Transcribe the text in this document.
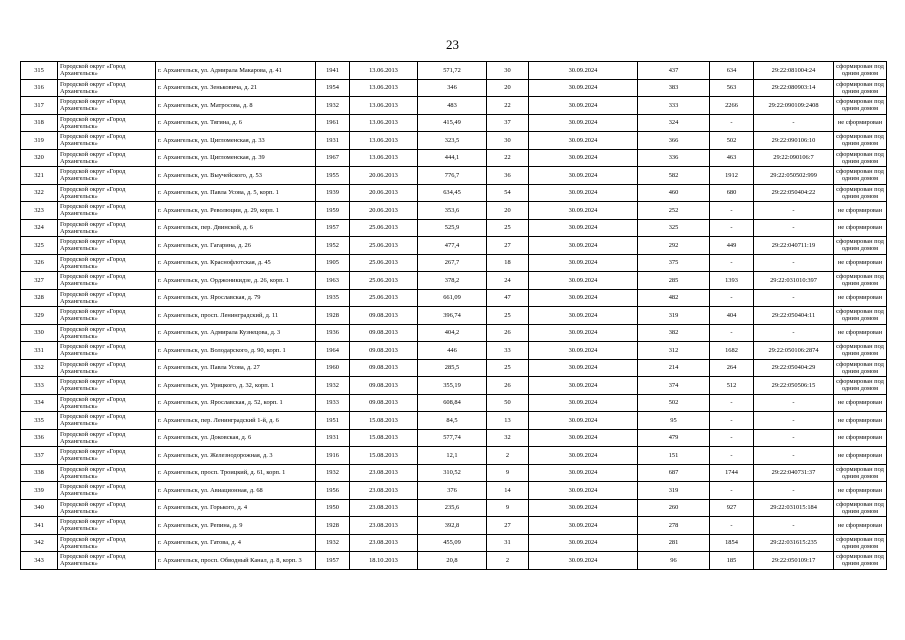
23
315	Городской округ «Город Архангельск»	г. Архангельск, ул. Адмирала Макарова, д. 41	1941	13.06.2013	571,72	30	30.09.2024	437	634	29:22:081004:24	сформирован под одним домом
316	Городской округ «Город Архангельск»	г. Архангельск, ул. Зеньковича, д. 21	1954	13.06.2013	346	20	30.09.2024	383	563	29:22:080903:14	сформирован под одним домом
317	Городской округ «Город Архангельск»	г. Архангельск, ул. Матросова, д. 8	1932	13.06.2013	483	22	30.09.2024	333	2266	29:22:090109:2408	сформирован под одним домом
318	Городской округ «Город Архангельск»	г. Архангельск, ул. Тягина, д. 6	1961	13.06.2013	415,49	37	30.09.2024	324	-	-	не сформирован
319	Городской округ «Город Архангельск»	г. Архангельск, ул. Цигломенская, д. 33	1931	13.06.2013	323,5	30	30.09.2024	366	502	29:22:090106:10	сформирован под одним домом
320	Городской округ «Город Архангельск»	г. Архангельск, ул. Цигломенская, д. 39	1967	13.06.2013	444,1	22	30.09.2024	336	463	29:22:090106:7	сформирован под одним домом
321	Городской округ «Город Архангельск»	г. Архангельск, ул. Выучейского, д. 53	1955	20.06.2013	776,7	36	30.09.2024	582	1912	29:22:050502:999	сформирован под одним домом
322	Городской округ «Город Архангельск»	г. Архангельск, ул. Павла Усова, д. 5, корп. 1	1939	20.06.2013	634,45	54	30.09.2024	460	680	29:22:050404:22	сформирован под одним домом
323	Городской округ «Город Архангельск»	г. Архангельск, ул. Революции, д. 29, корп. 1	1959	20.06.2013	353,6	20	30.09.2024	252	-	-	не сформирован
324	Городской округ «Город Архангельск»	г. Архангельск, пер. Двинской, д. 6	1957	25.06.2013	525,9	25	30.09.2024	325	-	-	не сформирован
325	Городской округ «Город Архангельск»	г. Архангельск, ул. Гагарина, д. 26	1952	25.06.2013	477,4	27	30.09.2024	292	449	29:22:040711:19	сформирован под одним домом
326	Городской округ «Город Архангельск»	г. Архангельск, ул. Краснофлотская, д. 45	1905	25.06.2013	267,7	18	30.09.2024	375	-	-	не сформирован
327	Городской округ «Город Архангельск»	г. Архангельск, ул. Орджоникидзе, д. 26, корп. 1	1963	25.06.2013	378,2	24	30.09.2024	285	1393	29:22:031010:397	сформирован под одним домом
328	Городской округ «Город Архангельск»	г. Архангельск, ул. Ярославская, д. 79	1935	25.06.2013	661,09	47	30.09.2024	482	-	-	не сформирован
329	Городской округ «Город Архангельск»	г. Архангельск, просп. Ленинградский, д. 11	1928	09.08.2013	396,74	25	30.09.2024	319	404	29:22:050404:11	сформирован под одним домом
330	Городской округ «Город Архангельск»	г. Архангельск, ул. Адмирала Кузнецова, д. 3	1936	09.08.2013	404,2	26	30.09.2024	382	-	-	не сформирован
331	Городской округ «Город Архангельск»	г. Архангельск, ул. Володарского, д. 90, корп. 1	1964	09.08.2013	446	33	30.09.2024	312	1682	29:22:050106:2874	сформирован под одним домом
332	Городской округ «Город Архангельск»	г. Архангельск, ул. Павла Усова, д. 27	1960	09.08.2013	285,5	25	30.09.2024	214	264	29:22:050404:29	сформирован под одним домом
333	Городской округ «Город Архангельск»	г. Архангельск, ул. Урицкого, д. 32, корп. 1	1932	09.08.2013	355,19	26	30.09.2024	374	512	29:22:050506:15	сформирован под одним домом
334	Городской округ «Город Архангельск»	г. Архангельск, ул. Ярославская, д. 52, корп. 1	1933	09.08.2013	608,84	50	30.09.2024	502	-	-	не сформирован
335	Городской округ «Город Архангельск»	г. Архангельск, пер. Ленинградский 1-й, д. 6	1951	15.08.2013	84,5	13	30.09.2024	95	-	-	не сформирован
336	Городской округ «Город Архангельск»	г. Архангельск, ул. Доковская, д. 6	1931	15.08.2013	577,74	32	30.09.2024	479	-	-	не сформирован
337	Городской округ «Город Архангельск»	г. Архангельск, ул. Железнодорожная, д. 3	1916	15.08.2013	12,1	2	30.09.2024	151	-	-	не сформирован
338	Городской округ «Город Архангельск»	г. Архангельск, просп. Троицкий, д. 61, корп. 1	1932	23.08.2013	310,52	9	30.09.2024	687	1744	29:22:040731:37	сформирован под одним домом
339	Городской округ «Город Архангельск»	г. Архангельск, ул. Авиационная, д. 68	1956	23.08.2013	376	14	30.09.2024	319	-	-	не сформирован
340	Городской округ «Город Архангельск»	г. Архангельск, ул. Горького, д. 4	1950	23.08.2013	235,6	9	30.09.2024	260	927	29:22:031015:184	сформирован под одним домом
341	Городской округ «Город Архангельск»	г. Архангельск, ул. Репина, д. 9	1928	23.08.2013	392,8	27	30.09.2024	278	-	-	не сформирован
342	Городской округ «Город Архангельск»	г. Архангельск, ул. Гатова, д. 4	1932	23.08.2013	455,09	31	30.09.2024	281	1854	29:22:031615:235	сформирован под одним домом
343	Городской округ «Город Архангельск»	г. Архангельск, просп. Обводный Канал, д. 8, корп. 3	1957	18.10.2013	20,8	2	30.09.2024	96	185	29:22:050109:17	сформирован под одним домом
